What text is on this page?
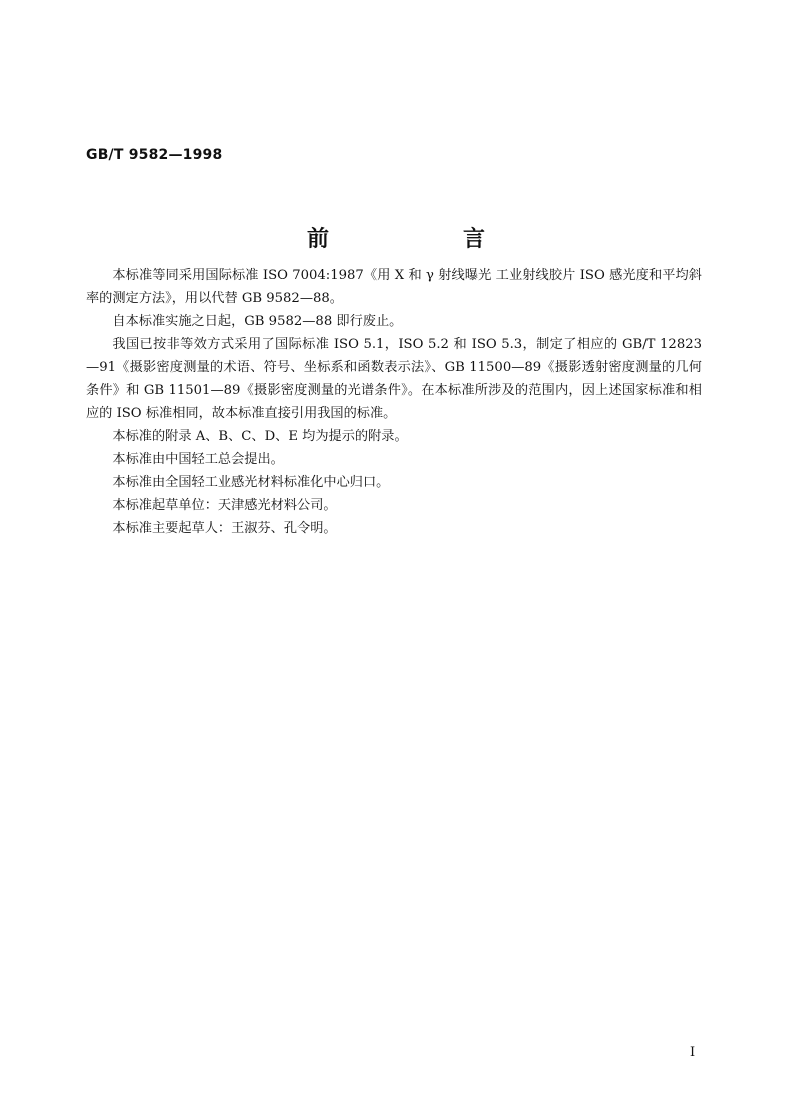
GB/T 9582—1998
前　言

本标准等同采用国际标准 ISO 7004:1987《用 X 和 γ 射线曝光 工业射线胶片 ISO 感光度和平均斜率的测定方法》，用以代替 GB 9582—88。

自本标准实施之日起，GB 9582—88 即行废止。

我国已按非等效方式采用了国际标准 ISO 5.1，ISO 5.2 和 ISO 5.3，制定了相应的 GB/T 12823—91《摄影密度测量的术语、符号、坐标系和函数表示法》、GB 11500—89《摄影透射密度测量的几何条件》和 GB 11501—89《摄影密度测量的光谱条件》。在本标准所涉及的范围内，因上述国家标准和相应的 ISO 标准相同，故本标准直接引用我国的标准。

本标准的附录 A、B、C、D、E 均为提示的附录。

本标准由中国轻工总会提出。

本标准由全国轻工业感光材料标准化中心归口。

本标准起草单位：天津感光材料公司。

本标准主要起草人：王淑芬、孔令明。

I
